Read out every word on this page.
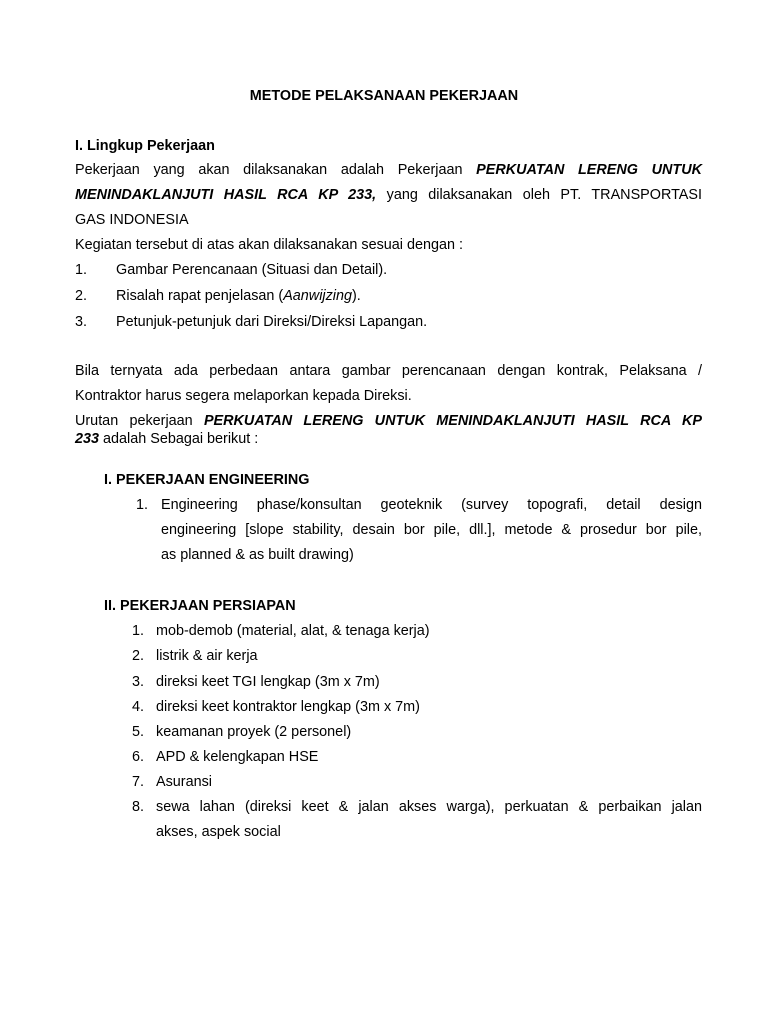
METODE PELAKSANAAN PEKERJAAN
I. Lingkup Pekerjaan
Pekerjaan yang akan dilaksanakan adalah Pekerjaan PERKUATAN LERENG UNTUK
MENINDAKLANJUTI HASIL RCA KP 233, yang dilaksanakan oleh PT. TRANSPORTASI
GAS INDONESIA
Kegiatan tersebut di atas akan dilaksanakan sesuai dengan :
1. Gambar Perencanaan (Situasi dan Detail).
2. Risalah rapat penjelasan (Aanwijzing).
3. Petunjuk-petunjuk dari Direksi/Direksi Lapangan.
Bila ternyata ada perbedaan antara gambar perencanaan dengan kontrak, Pelaksana /
Kontraktor harus segera melaporkan kepada Direksi.
Urutan pekerjaan PERKUATAN LERENG UNTUK MENINDAKLANJUTI HASIL RCA KP
233 adalah Sebagai berikut :
I. PEKERJAAN ENGINEERING
1. Engineering phase/konsultan geoteknik (survey topografi, detail design
engineering [slope stability, desain bor pile, dll.], metode & prosedur bor pile,
as planned & as built drawing)
II. PEKERJAAN PERSIAPAN
1. mob-demob (material, alat, & tenaga kerja)
2. listrik & air kerja
3. direksi keet TGI lengkap (3m x 7m)
4. direksi keet kontraktor lengkap (3m x 7m)
5. keamanan proyek (2 personel)
6. APD & kelengkapan HSE
7. Asuransi
8. sewa lahan (direksi keet & jalan akses warga), perkuatan & perbaikan jalan
akses, aspek social
